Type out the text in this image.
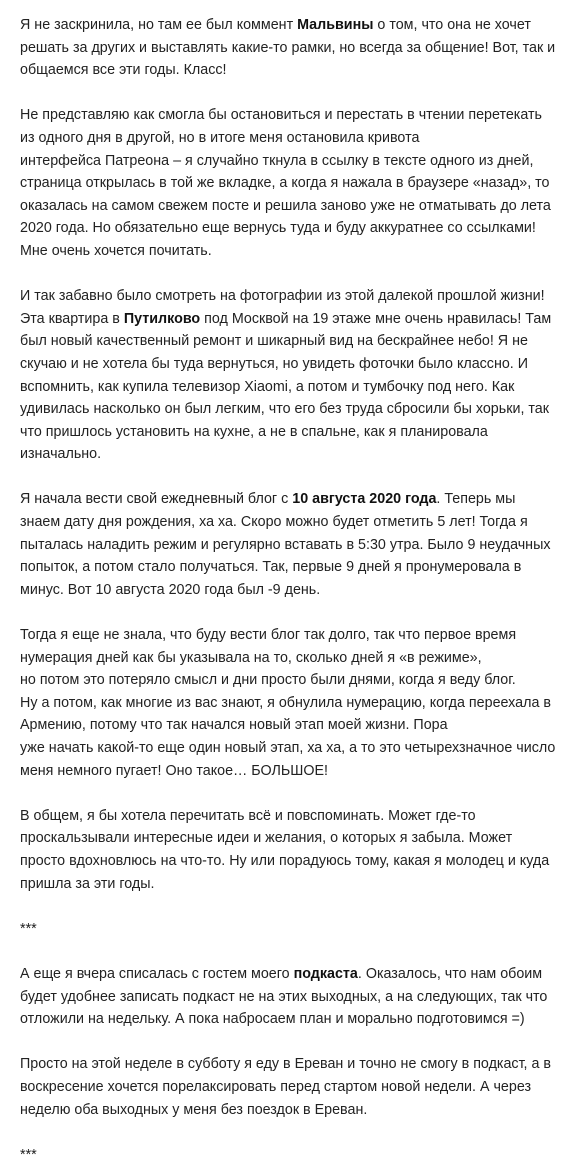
Я не заскринила, но там ее был коммент Мальвины о том, что она не хочет решать за других и выставлять какие-то рамки, но всегда за общение! Вот, так и общаемся все эти годы. Класс!

Не представляю как смогла бы остановиться и перестать в чтении перетекать из одного дня в другой, но в итоге меня остановила кривота
интерфейса Патреона – я случайно ткнула в ссылку в тексте одного из дней, страница открылась в той же вкладке, а когда я нажала в браузере «назад», то оказалась на самом свежем посте и решила заново уже не отматывать до лета 2020 года. Но обязательно еще вернусь туда и буду аккуратнее со ссылками! Мне очень хочется почитать.

И так забавно было смотреть на фотографии из этой далекой прошлой жизни! Эта квартира в Путилково под Москвой на 19 этаже мне очень нравилась! Там был новый качественный ремонт и шикарный вид на бескрайнее небо! Я не скучаю и не хотела бы туда вернуться, но увидеть фоточки было классно. И вспомнить, как купила телевизор Xiaomi, а потом и тумбочку под него. Как удивилась насколько он был легким, что его без труда сбросили бы хорьки, так что пришлось установить на кухне, а не в спальне, как я планировала изначально.

Я начала вести свой ежедневный блог с 10 августа 2020 года. Теперь мы знаем дату дня рождения, ха ха. Скоро можно будет отметить 5 лет! Тогда я пыталась наладить режим и регулярно вставать в 5:30 утра. Было 9 неудачных попыток, а потом стало получаться. Так, первые 9 дней я пронумеровала в минус. Вот 10 августа 2020 года был -9 день.

Тогда я еще не знала, что буду вести блог так долго, так что первое время нумерация дней как бы указывала на то, сколько дней я «в режиме»,
но потом это потеряло смысл и дни просто были днями, когда я веду блог.
Ну а потом, как многие из вас знают, я обнулила нумерацию, когда переехала в Армению, потому что так начался новый этап моей жизни. Пора
уже начать какой-то еще один новый этап, ха ха, а то это четырехзначное число меня немного пугает! Оно такое… БОЛЬШОЕ!

В общем, я бы хотела перечитать всё и повспоминать. Может где-то проскальзывали интересные идеи и желания, о которых я забыла. Может просто вдохновлюсь на что-то. Ну или порадуюсь тому, какая я молодец и куда пришла за эти годы.

***

А еще я вчера списалась с гостем моего подкаста. Оказалось, что нам обоим будет удобнее записать подкаст не на этих выходных, а на следующих, так что отложили на недельку. А пока набросаем план и морально подготовимся =)

Просто на этой неделе в субботу я еду в Ереван и точно не смогу в подкаст, а в воскресение хочется порелаксировать перед стартом новой недели. А через неделю оба выходных у меня без поездок в Ереван.

***
